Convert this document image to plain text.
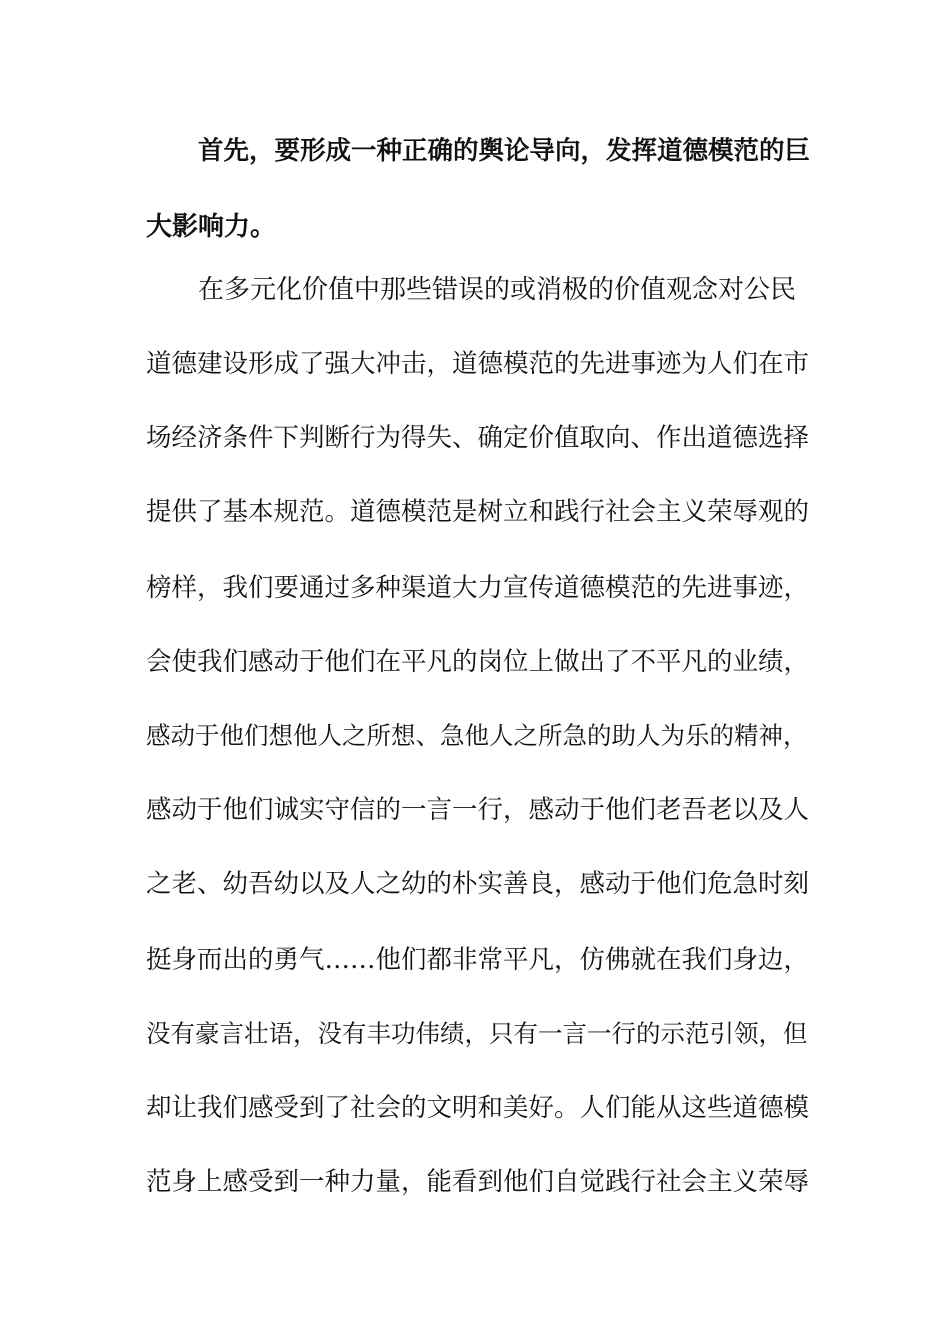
首先，要形成一种正确的舆论导向，发挥道德模范的巨
大影响力。
在多元化价值中那些错误的或消极的价值观念对公民
道德建设形成了强大冲击，道德模范的先进事迹为人们在市
场经济条件下判断行为得失、确定价值取向、作出道德选择
提供了基本规范。道德模范是树立和践行社会主义荣辱观的
榜样，我们要通过多种渠道大力宣传道德模范的先进事迹，
会使我们感动于他们在平凡的岗位上做出了不平凡的业绩，
感动于他们想他人之所想、急他人之所急的助人为乐的精神，
感动于他们诚实守信的一言一行，感动于他们老吾老以及人
之老、幼吾幼以及人之幼的朴实善良，感动于他们危急时刻
挺身而出的勇气……他们都非常平凡，仿佛就在我们身边，
没有豪言壮语，没有丰功伟绩，只有一言一行的示范引领，但
却让我们感受到了社会的文明和美好。人们能从这些道德模
范身上感受到一种力量，能看到他们自觉践行社会主义荣辱
